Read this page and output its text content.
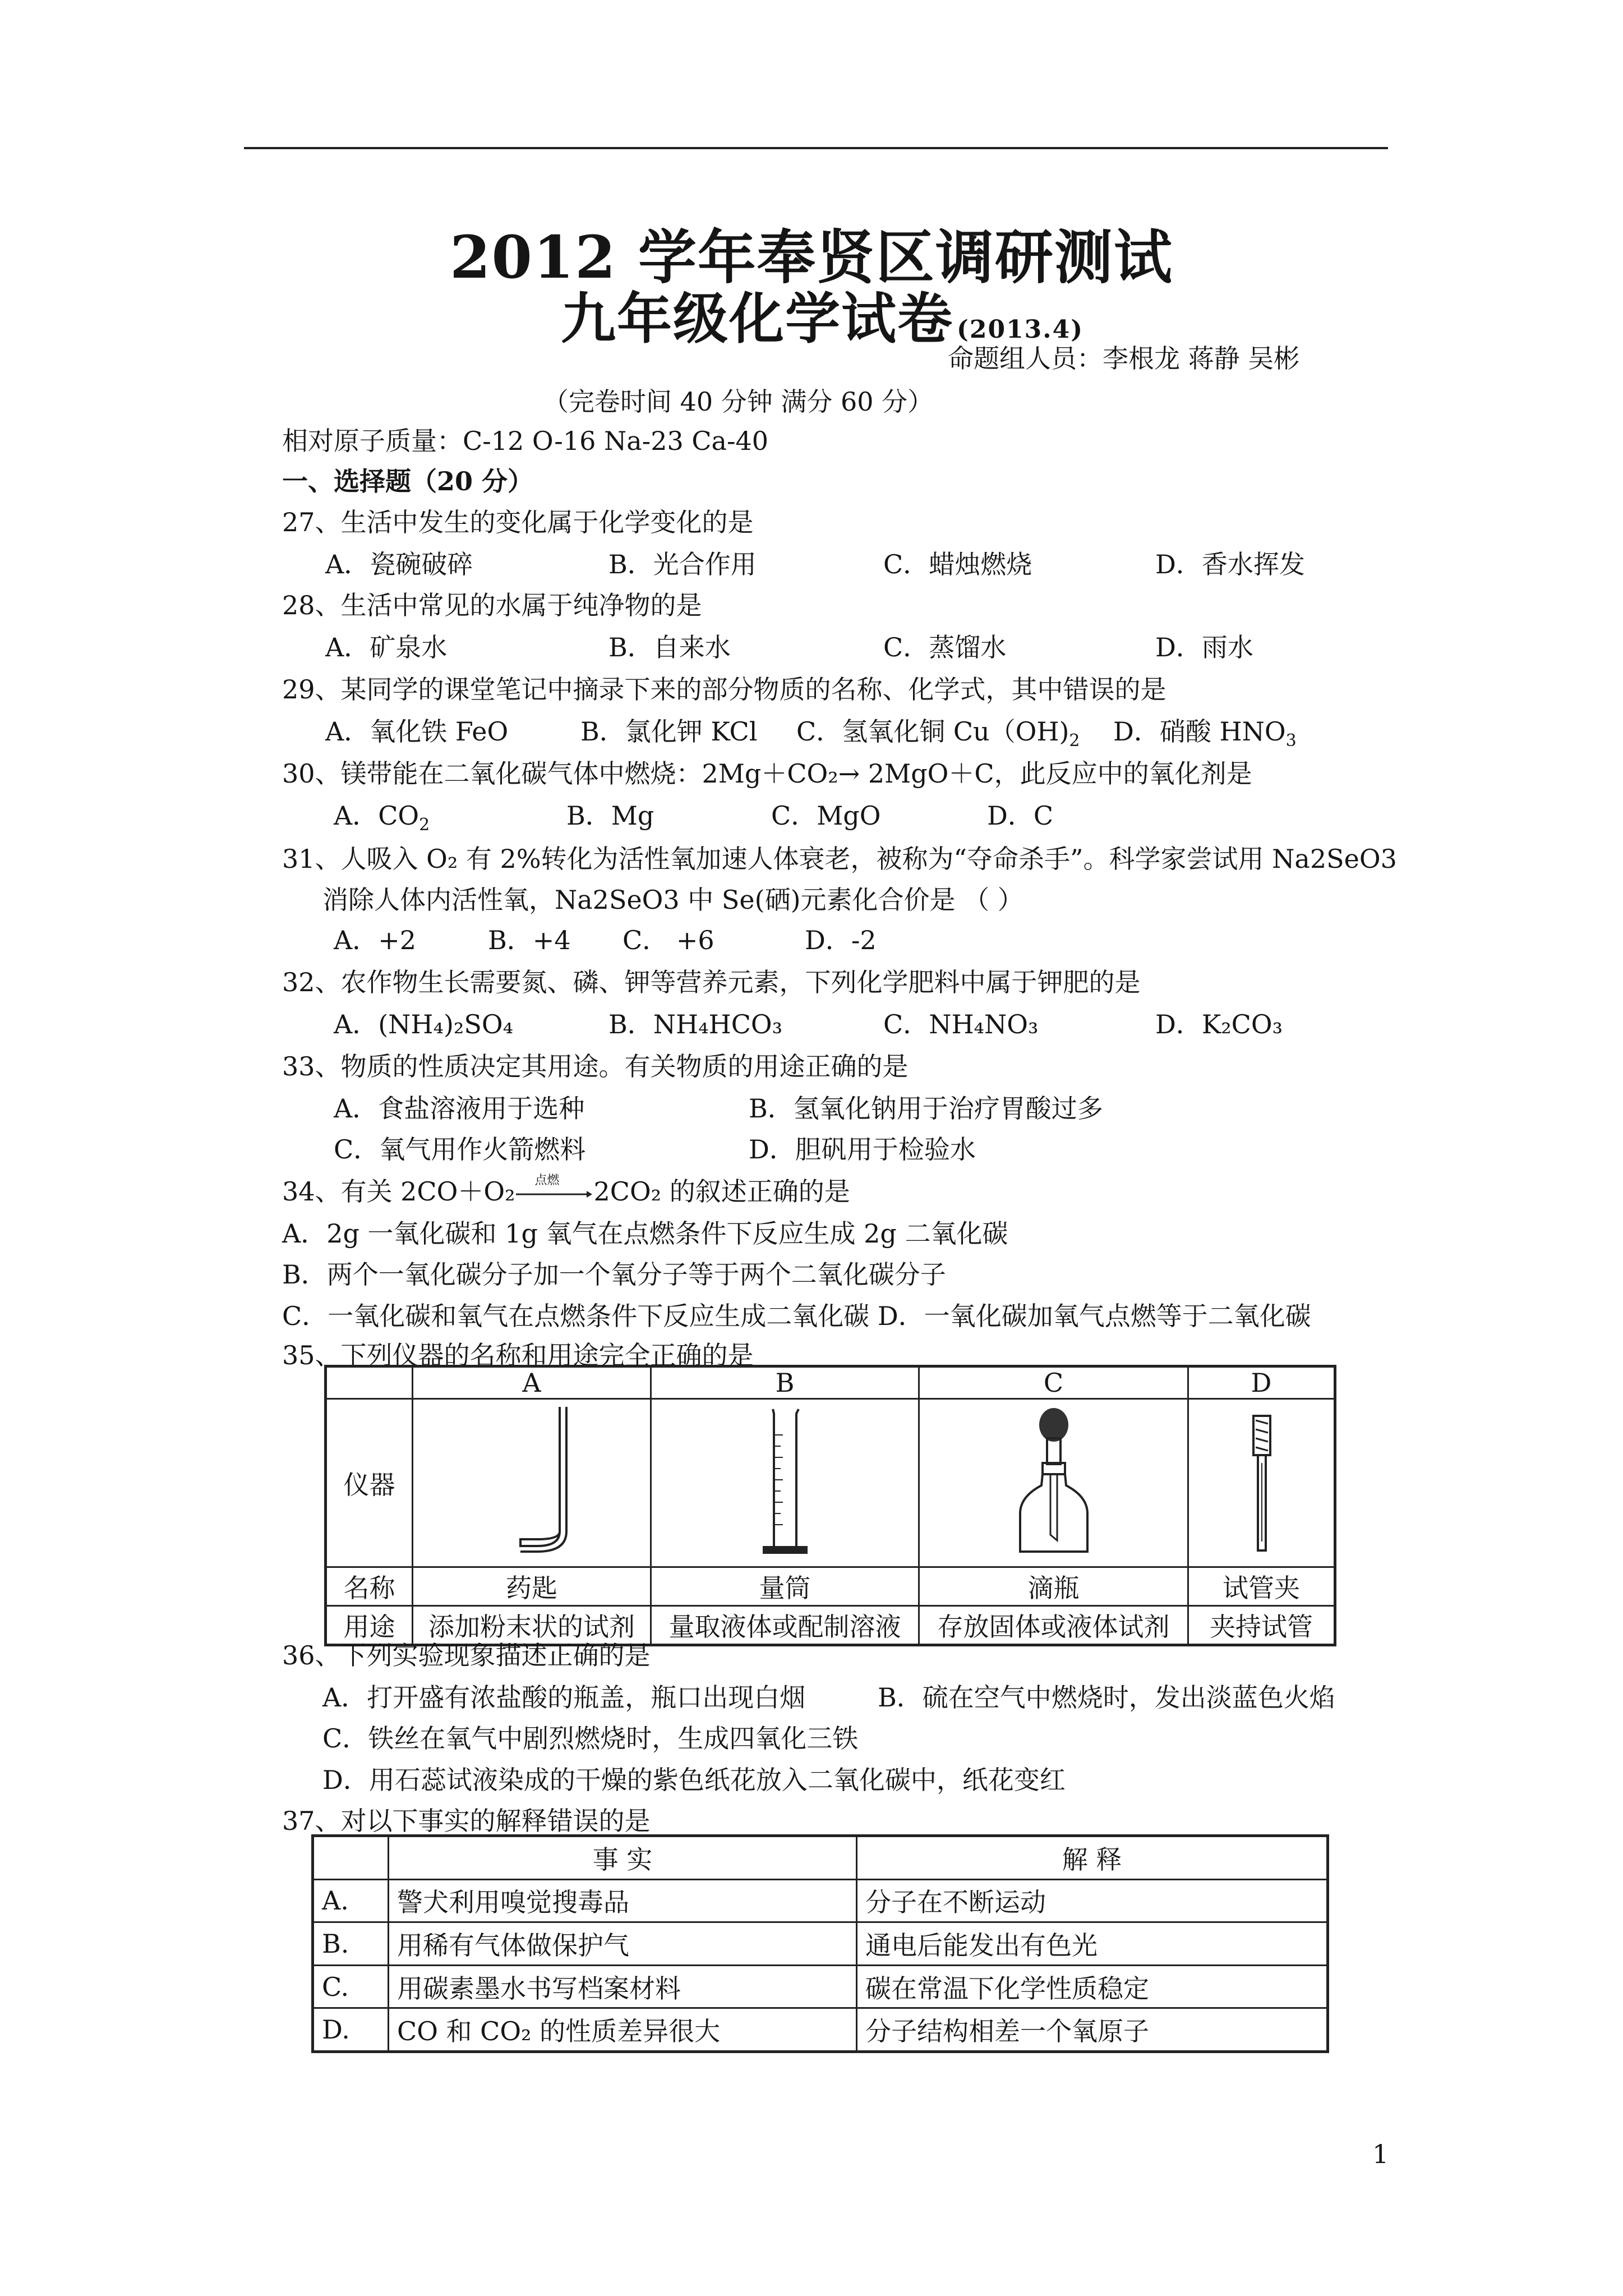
2012 学年奉贤区调研测试
九年级化学试卷 (2013.4)
命题组人员：李根龙 蒋静 吴彬
（完卷时间 40 分钟 满分 60 分）
相对原子质量：C-12 O-16 Na-23 Ca-40
一、选择题（20 分）
27、生活中发生的变化属于化学变化的是
A．瓷碗破碎	B．光合作用	C．蜡烛燃烧	D．香水挥发
28、生活中常见的水属于纯净物的是
A．矿泉水	B．自来水	C．蒸馏水	D．雨水
29、某同学的课堂笔记中摘录下来的部分物质的名称、化学式，其中错误的是
A．氧化铁 FeO	B．氯化钾 KCl C．氢氧化铜 $Cu(OH)_2$ D．硝酸 $HNO_3$
30、镁带能在二氧化碳气体中燃烧：2Mg＋CO₂→ 2MgO＋C，此反应中的氧化剂是
A．$CO_2$	B．Mg	C．MgO	D．C
31、人吸入 O₂ 有 2%转化为活性氧加速人体衰老，被称为“夺命杀手”。科学家尝试用 Na2SeO3
消除人体内活性氧，Na2SeO3 中 Se(硒)元素化合价是 （ ）
A．+2	B．+4 C． +6	D．-2
32、农作物生长需要氮、磷、钾等营养元素，下列化学肥料中属于钾肥的是
A．(NH₄)₂SO₄	B．NH₄HCO₃	C．NH₄NO₃	D．K₂CO₃
33、物质的性质决定其用途。有关物质的用途正确的是
A．食盐溶液用于选种	B．氢氧化钠用于治疗胃酸过多
C．氧气用作火箭燃料	D．胆矾用于检验水
34、有关 2CO＋O₂ 点燃 2CO₂ 的叙述正确的是
A．2g 一氧化碳和 1g 氧气在点燃条件下反应生成 2g 二氧化碳
B．两个一氧化碳分子加一个氧分子等于两个二氧化碳分子
C．一氧化碳和氧气在点燃条件下反应生成二氧化碳 D．一氧化碳加氧气点燃等于二氧化碳
35、下列仪器的名称和用途完全正确的是
	A	B	C	D
仪器				
名称	药匙	量筒	滴瓶	试管夹
用途	添加粉末状的试剂	量取液体或配制溶液	存放固体或液体试剂	夹持试管
36、下列实验现象描述正确的是
A．打开盛有浓盐酸的瓶盖，瓶口出现白烟	B．硫在空气中燃烧时，发出淡蓝色火焰
C．铁丝在氧气中剧烈燃烧时，生成四氧化三铁
D．用石蕊试液染成的干燥的紫色纸花放入二氧化碳中，纸花变红
37、对以下事实的解释错误的是
	事 实	解 释
A.	警犬利用嗅觉搜毒品	分子在不断运动
B.	用稀有气体做保护气	通电后能发出有色光
C.	用碳素墨水书写档案材料	碳在常温下化学性质稳定
D.	CO 和 CO₂ 的性质差异很大	分子结构相差一个氧原子
1
